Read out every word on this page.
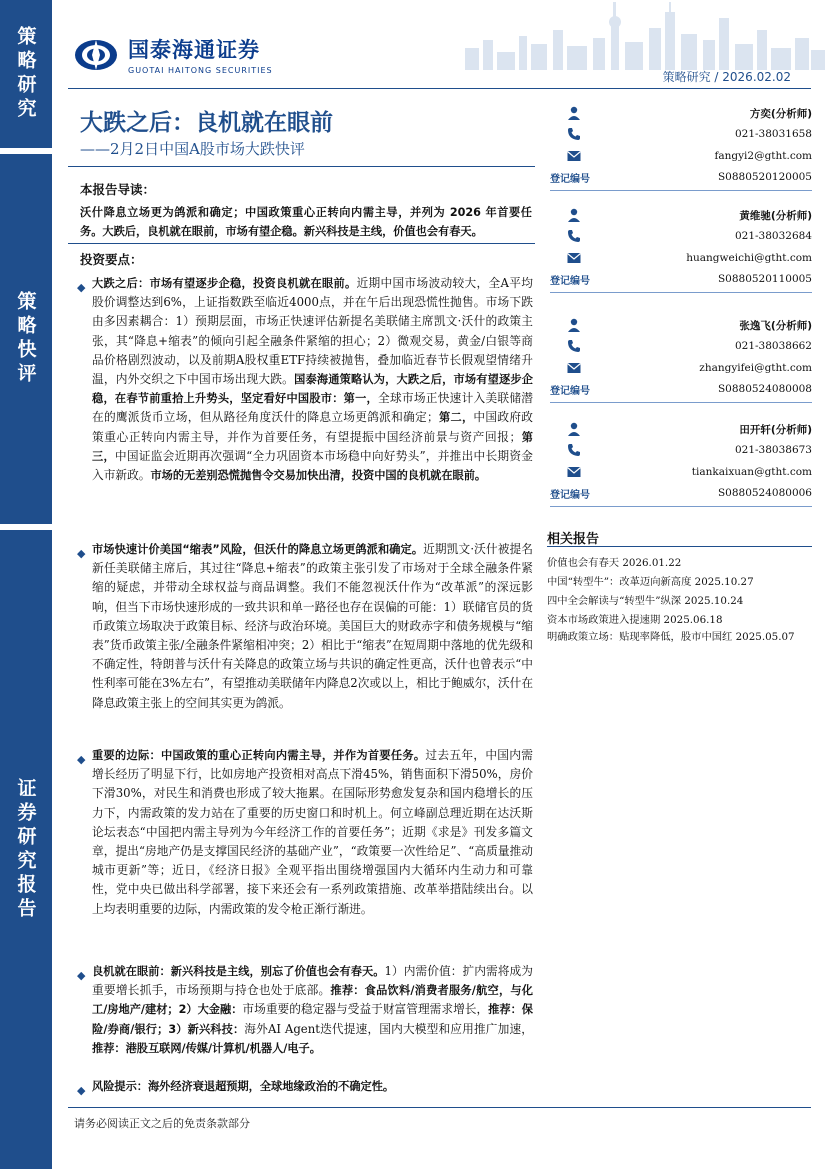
策略研究
策略快评
证券研究报告
国泰海通证券
GUOTAI HAITONG SECURITIES	策略研究 / 2026.02.02
大跌之后：良机就在眼前
——2月2日中国A股市场大跌快评
本报告导读：
沃什降息立场更为鸽派和确定；中国政策重心正转向内需主导，并列为 2026 年首要任务。大跌后，良机就在眼前，市场有望企稳。新兴科技是主线，价值也会有春天。
投资要点：
◆ 大跌之后：市场有望逐步企稳，投资良机就在眼前。近期中国市场波动较大，全A平均股价调整达到6%，上证指数跌至临近4000点，并在午后出现恐慌性抛售。市场下跌由多因素耦合：1）预期层面，市场正快速评估新提名美联储主席凯文·沃什的政策主张，其“降息+缩表”的倾向引起全融条件紧缩的担心；2）微观交易，黄金/白银等商品价格剧烈波动，以及前期A股权重ETF持续被抛售，叠加临近春节长假观望情绪升温，内外交织之下中国市场出现大跌。国泰海通策略认为，大跌之后，市场有望逐步企稳，在春节前重拾上升势头，坚定看好中国股市：第一，全球市场正快速计入美联储潜在的鹰派货币立场，但从路径角度沃什的降息立场更鸽派和确定；第二，中国政府政策重心正转向内需主导，并作为首要任务，有望提振中国经济前景与资产回报；第三，中国证监会近期再次强调“全力巩固资本市场稳中向好势头”，并推出中长期资金入市新政。市场的无差别恐慌抛售令交易加快出清，投资中国的良机就在眼前。

◆ 市场快速计价美国“缩表”风险，但沃什的降息立场更鸽派和确定。近期凯文·沃什被提名新任美联储主席后，其过往“降息+缩表”的政策主张引发了市场对于全球全融条件紧缩的疑虑，并带动全球权益与商品调整。我们不能忽视沃什作为“改革派”的深远影响，但当下市场快速形成的一致共识和单一路径也存在误偏的可能：1）联储官员的货币政策立场取决于政策目标、经济与政治环境。美国巨大的财政赤字和债务规模与“缩表”货币政策主张/全融条件紧缩相冲突；2）相比于“缩表”在短周期中落地的优先级和不确定性，特朗普与沃什有关降息的政策立场与共识的确定性更高，沃什也曾表示“中性利率可能在3%左右”，有望推动美联储年内降息2次或以上，相比于鲍威尔，沃什在降息政策主张上的空间其实更为鸽派。

◆ 重要的边际：中国政策的重心正转向内需主导，并作为首要任务。过去五年，中国内需增长经历了明显下行，比如房地产投资相对高点下滑45%，销售面积下滑50%，房价下滑30%，对民生和消费也形成了较大拖累。在国际形势愈发复杂和国内稳增长的压力下，内需政策的发力站在了重要的历史窗口和时机上。何立峰副总理近期在达沃斯论坛表态“中国把内需主导列为今年经济工作的首要任务”；近期《求是》刊发多篇文章，提出“房地产仍是支撑国民经济的基础产业”，“政策要一次性给足”、“高质量推动城市更新”等；近日，《经济日报》全观平指出围绕增强国内大循环内生动力和可靠性，党中央已做出科学部署，接下来还会有一系列政策措施、改革举措陆续出台。以上均表明重要的边际，内需政策的发令枪正渐行渐进。

◆ 良机就在眼前：新兴科技是主线，别忘了价值也会有春天。1）内需价值：扩内需将成为重要增长抓手，市场预期与持仓也处于底部。推荐：食品饮料/消费者服务/航空，与化工/房地产/建材；2）大金融：市场重要的稳定器与受益于财富管理需求增长，推荐：保险/券商/银行；3）新兴科技：海外AI Agent迭代提速，国内大模型和应用推广加速，推荐：港股互联网/传媒/计算机/机器人/电子。

◆ 风险提示：海外经济衰退超预期，全球地缘政治的不确定性。

方奕(分析师)
021-38031658
fangyi2@gtht.com
登记编号	S0880520120005
黄维驰(分析师)
021-38032684
huangweichi@gtht.com
登记编号	S0880520110005
张逸飞(分析师)
021-38038662
zhangyifei@gtht.com
登记编号	S0880524080008
田开轩(分析师)
021-38038673
tiankaixuan@gtht.com
登记编号	S0880524080006
相关报告
价值也会有春天 2026.01.22
中国“转型牛”：改革迈向新高度 2025.10.27
四中全会解读与“转型牛”纵深 2025.10.24
资本市场政策进入提速期 2025.06.18
明确政策立场：贴现率降低，股市中国红 2025.05.07
请务必阅读正文之后的免责条款部分
